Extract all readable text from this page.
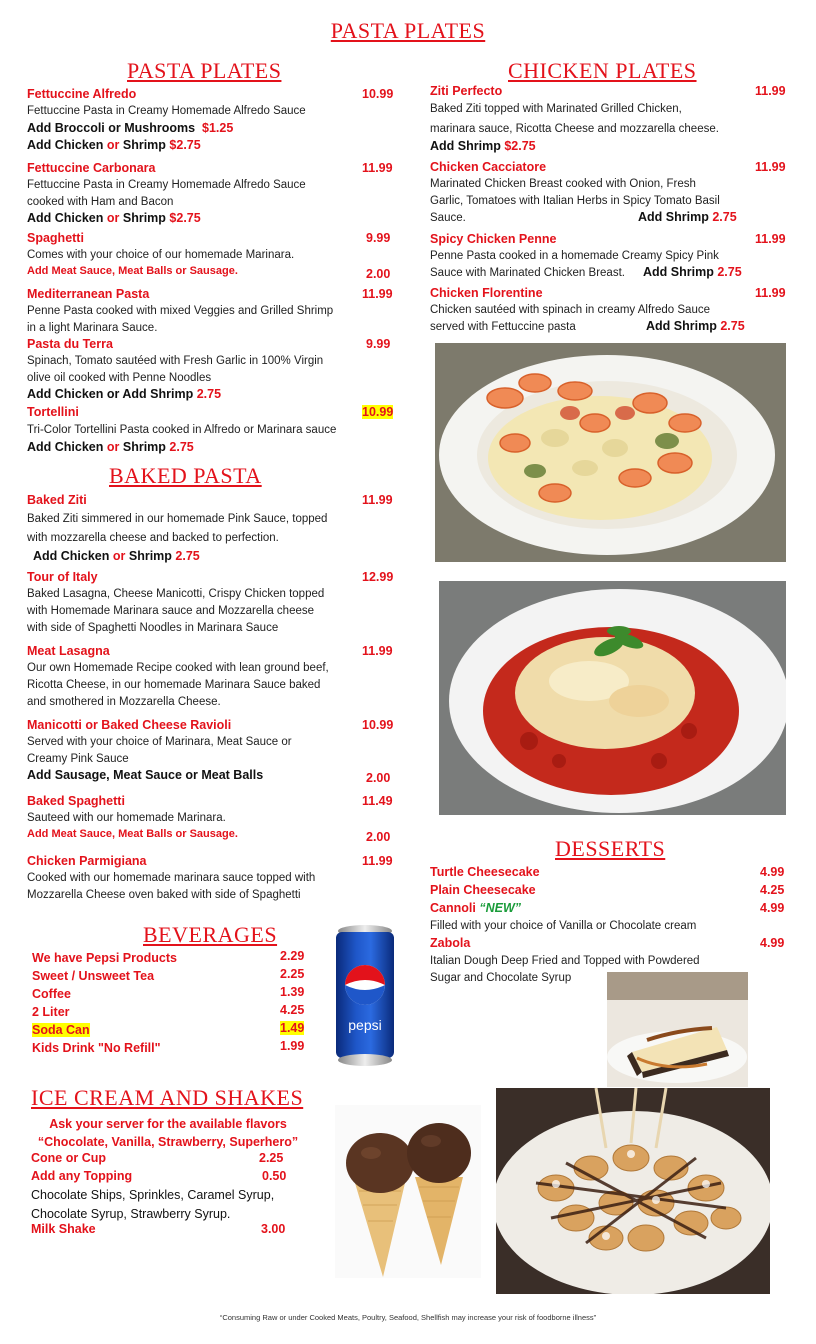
PASTA PLATES
PASTA PLATES
Fettuccine Alfredo	10.99
Fettuccine Pasta in Creamy Homemade Alfredo Sauce
Add Broccoli or Mushrooms $1.25
Add Chicken or Shrimp $2.75
Fettuccine Carbonara	11.99
Fettuccine Pasta in Creamy Homemade Alfredo Sauce
cooked with Ham and Bacon
Add Chicken or Shrimp $2.75
Spaghetti	9.99
Comes with your choice of our homemade Marinara.
Add Meat Sauce, Meat Balls or Sausage.	2.00
Mediterranean Pasta	11.99
Penne Pasta cooked with mixed Veggies and Grilled Shrimp
in a light Marinara Sauce.
Pasta du Terra	9.99
Spinach, Tomato sautéed with Fresh Garlic in 100% Virgin
olive oil cooked with Penne Noodles
Add Chicken or Add Shrimp 2.75
Tortellini	10.99
Tri-Color Tortellini Pasta cooked in Alfredo or Marinara sauce
Add Chicken or Shrimp 2.75
BAKED PASTA
Baked Ziti	11.99
Baked Ziti simmered in our homemade Pink Sauce, topped
with mozzarella cheese and backed to perfection.
Add Chicken or Shrimp 2.75
Tour of Italy	12.99
Baked Lasagna, Cheese Manicotti, Crispy Chicken topped
with Homemade Marinara sauce and Mozzarella cheese
with side of Spaghetti Noodles in Marinara Sauce
Meat Lasagna	11.99
Our own Homemade Recipe cooked with lean ground beef,
Ricotta Cheese, in our homemade Marinara Sauce baked
and smothered in Mozzarella Cheese.
Manicotti or Baked Cheese Ravioli	10.99
Served with your choice of Marinara, Meat Sauce or
Creamy Pink Sauce
Add Sausage, Meat Sauce or Meat Balls	2.00
Baked Spaghetti	11.49
Sauteed with our homemade Marinara.
Add Meat Sauce, Meat Balls or Sausage.	2.00
Chicken Parmigiana	11.99
Cooked with our homemade marinara sauce topped with
Mozzarella Cheese oven baked with side of Spaghetti
BEVERAGES
We have Pepsi Products	2.29
Sweet / Unsweet Tea	2.25
Coffee	1.39
2 Liter	4.25
Soda Can	1.49
Kids Drink "No Refill"	1.99
pepsi
ICE CREAM AND SHAKES
Ask your server for the available flavors
“Chocolate, Vanilla, Strawberry, Superhero”
Cone or Cup	2.25
Add any Topping	0.50
Chocolate Ships, Sprinkles, Caramel Syrup,
Chocolate Syrup, Strawberry Syrup.
Milk Shake	3.00
CHICKEN PLATES
Ziti Perfecto	11.99
Baked Ziti topped with Marinated Grilled Chicken,
marinara sauce, Ricotta Cheese and mozzarella cheese.
Add Shrimp $2.75
Chicken Cacciatore	11.99
Marinated Chicken Breast cooked with Onion, Fresh
Garlic, Tomatoes with Italian Herbs in Spicy Tomato Basil
Sauce.	Add Shrimp 2.75
Spicy Chicken Penne	11.99
Penne Pasta cooked in a homemade Creamy Spicy Pink
Sauce with Marinated Chicken Breast.	Add Shrimp 2.75
Chicken Florentine	11.99
Chicken sautéed with spinach in creamy Alfredo Sauce
served with Fettuccine pasta	Add Shrimp 2.75
DESSERTS
Turtle Cheesecake	4.99
Plain Cheesecake	4.25
Cannoli “NEW”	4.99
Filled with your choice of Vanilla or Chocolate cream
Zabola	4.99
Italian Dough Deep Fried and Topped with Powdered
Sugar and Chocolate Syrup
“Consuming Raw or under Cooked Meats, Poultry, Seafood, Shellfish may increase your risk of foodborne illness”
